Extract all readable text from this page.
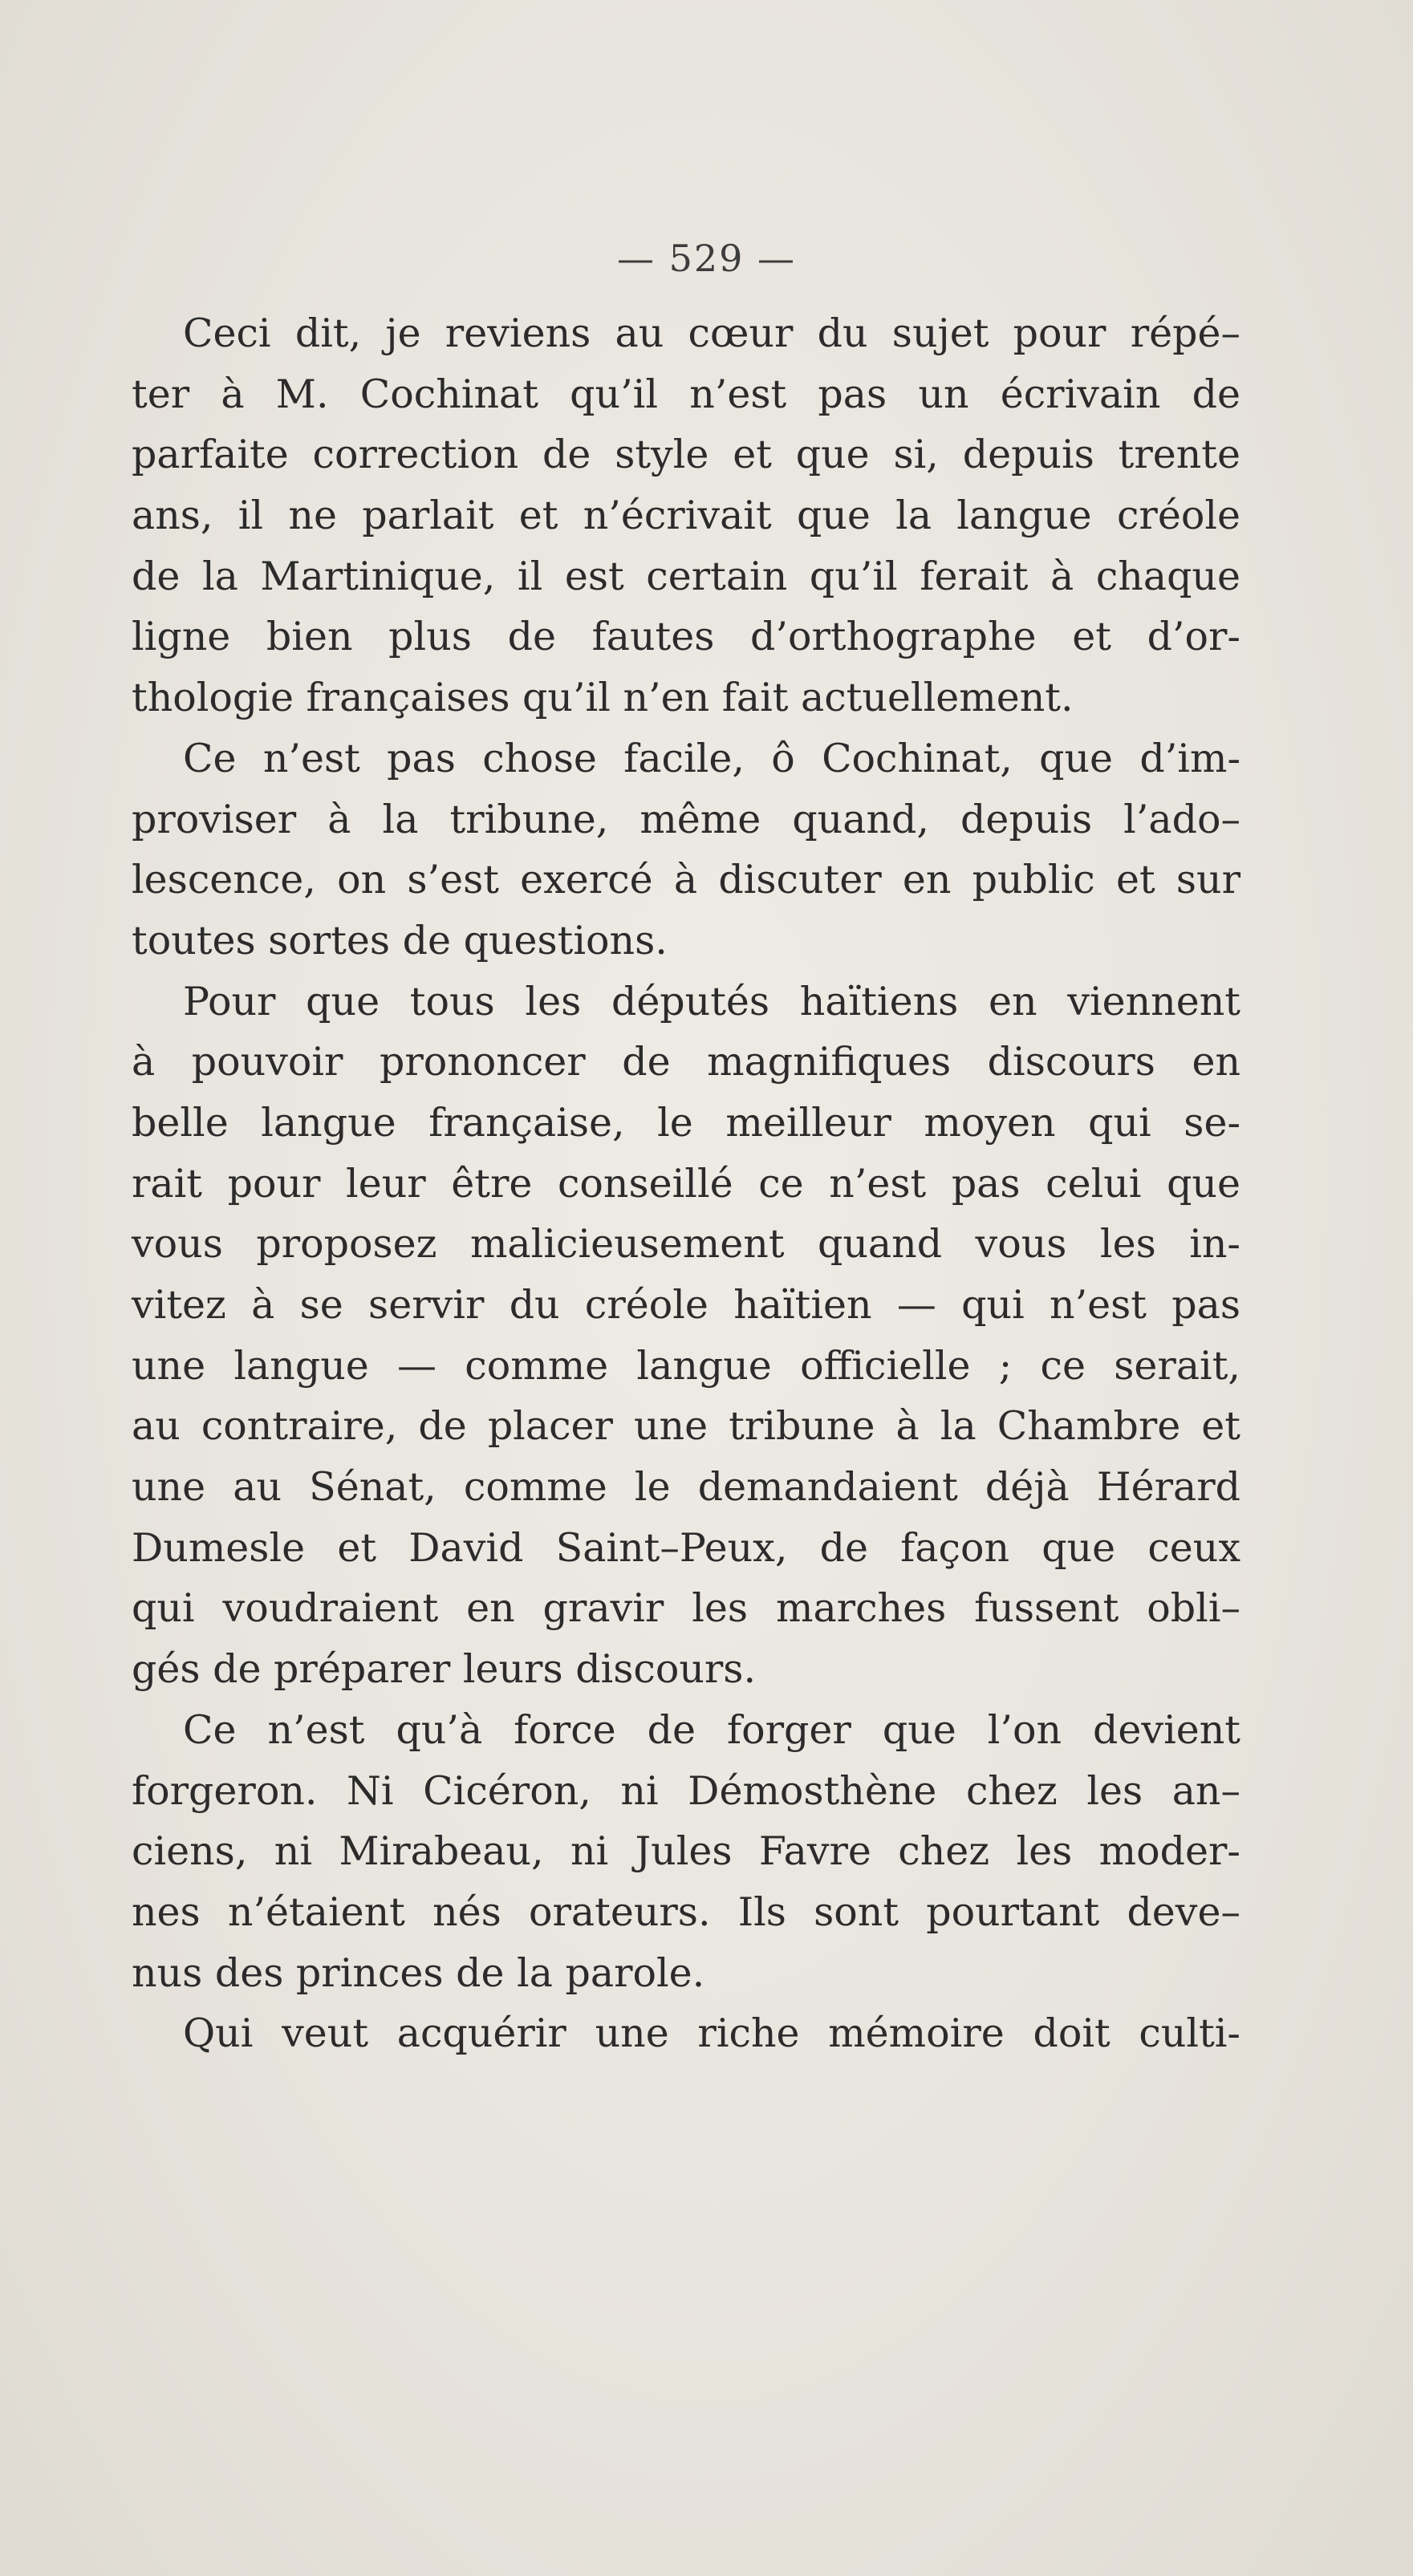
— 529 —
Ceci dit, je reviens au cœur du sujet pour répé–
ter à M. Cochinat qu’il n’est pas un écrivain de
parfaite correction de style et que si, depuis trente
ans, il ne parlait et n’écrivait que la langue créole
de la Martinique, il est certain qu’il ferait à chaque
ligne bien plus de fautes d’orthographe et d’or-
thologie françaises qu’il n’en fait actuellement.
Ce n’est pas chose facile, ô Cochinat, que d’im-
proviser à la tribune, même quand, depuis l’ado–
lescence, on s’est exercé à discuter en public et sur
toutes sortes de questions.
Pour que tous les députés haïtiens en viennent
à pouvoir prononcer de magnifiques discours en
belle langue française, le meilleur moyen qui se-
rait pour leur être conseillé ce n’est pas celui que
vous proposez malicieusement quand vous les in-
vitez à se servir du créole haïtien — qui n’est pas
une langue — comme langue officielle ; ce serait,
au contraire, de placer une tribune à la Chambre et
une au Sénat, comme le demandaient déjà Hérard
Dumesle et David Saint–Peux, de façon que ceux
qui voudraient en gravir les marches fussent obli–
gés de préparer leurs discours.
Ce n’est qu’à force de forger que l’on devient
forgeron. Ni Cicéron, ni Démosthène chez les an–
ciens, ni Mirabeau, ni Jules Favre chez les moder-
nes n’étaient nés orateurs. Ils sont pourtant deve–
nus des princes de la parole.
Qui veut acquérir une riche mémoire doit culti-
